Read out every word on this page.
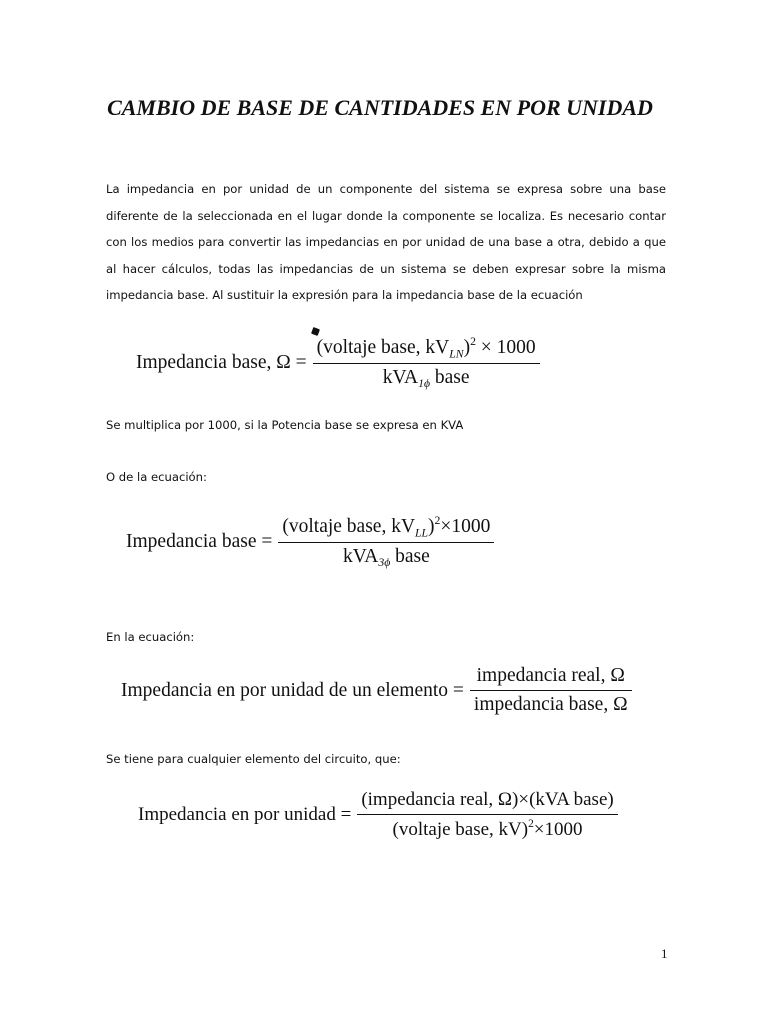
CAMBIO DE BASE DE CANTIDADES EN POR UNIDAD

La impedancia en por unidad de un componente del sistema se expresa sobre una base diferente de la seleccionada en el lugar donde la componente se localiza. Es necesario contar con los medios para convertir las impedancias en por unidad de una base a otra, debido a que al hacer cálculos, todas las impedancias de un sistema se deben expresar sobre la misma impedancia base. Al sustituir la expresión para la impedancia base de la ecuación

Impedancia base, $\Omega = \frac{(voltaje base, kV_{LN})^2 \times 1000}{kVA_{1\phi} base}$

Se multiplica por 1000, si la Potencia base se expresa en KVA

O de la ecuación:

Impedancia base = $\frac{(voltaje base, kV_{LL})^2\times 1000}{kVA_{3\phi} base}$

En la ecuación:

Impedancia en por unidad de un elemento = $\frac{\text{impedancia real, Ω}}{\text{impedancia base, Ω}}$

Se tiene para cualquier elemento del circuito, que:

Impedancia en por unidad = $\frac{\text{(impedancia real, Ω)×(kVA base)}}{(voltaje base, kV)^2\times 1000}$
1
